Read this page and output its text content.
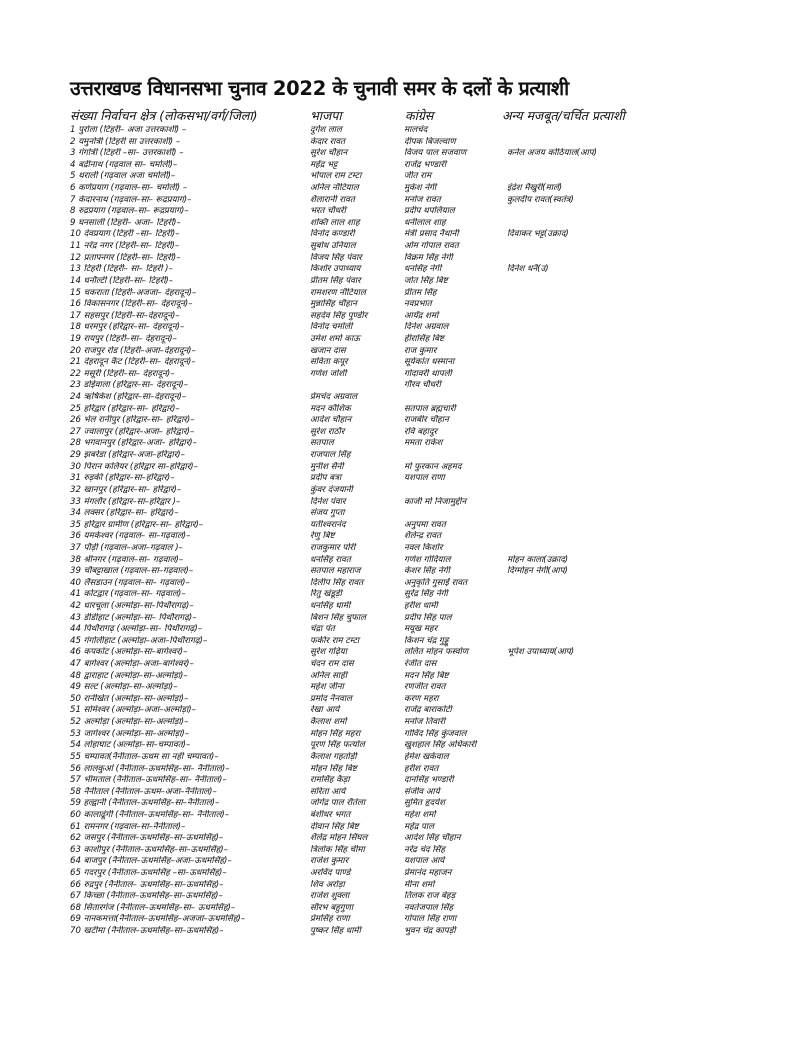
उत्तराखण्ड विधानसभा चुनाव 2022 के चुनावी समर के दलों के प्रत्याशी
संख्या निर्वाचन क्षेत्र (लोकसभा/वर्ग/जिला)	भाजपा	कांग्रेस	अन्य मजबूत/चर्चित प्रत्याशी
1 पुरोला (टिहरी– अजा उत्तरकाशी) –	दुर्गेश लाल	मालचंद
2 यमुनोत्री (टिहरी सा उत्तरकाशी) –	केदार रावत	दीपक बिजल्वाण
3 गंगोत्री (टिहरी –सा– उत्तरकाशी) –	सुरेश चौहान	विजय पाल सजवाण	कर्नल अजय कोठियाल(आप)
4 बद्रीनाथ (गढ़वाल सा– चमोली)–	महेंद्र भट्ट	राजेंद्र भण्डारी
5 थराली (गढ़वाल अजा चमोली)–	भोपाल राम टम्टा	जीत राम
6 कर्णप्रयाग (गढ़वाल–सा– चमोली) –	अनिल नौटियाल	मुकेश नेगी	इंद्रेश मैखुरी(माले)
7 केदारनाथ (गढ़वाल–सा– रूद्रप्रयाग)–	शैलारानी रावत	मनोज रावत	कुलदीप रावत(स्वतंत्र)
8 रुद्रप्रयाग (गढ़वाल–सा– रूद्रप्रयाग)–	भरत चौधरी	प्रदीप थपलियाल
9 घनसाली (टिहरी– अजा– टिहरी)–	शक्ति लाल शाह	धनीलाल शाह
10 देवप्रयाग (टिहरी –सा– टिहरी)–	विनोद कण्डारी	मंत्री प्रसाद नैथानी	दिवाकर भट्ट(उक्राद)
11 नरेंद्र नगर (टिहरी–सा– टिहरी)–	सुबोध उनियाल	ओम गोपाल रावत
12 प्रतापनगर (टिहरी–सा– टिहरी)–	विजय सिंह पंवार	विक्रम सिंह नेगी
13 टिहरी (टिहरी– सा– टिहरी )–	किशोर उपाध्याय	धनसिंह नेगी	दिनेश धनै(उ)
14 धनौल्टी (टिहरी–सा– टिहरी)–	प्रीतम सिंह पंवार	जोत सिंह बिष्ट
15 चकराता (टिहरी–अजजा– देहरादून)–	रामशरण नौटियाल	प्रीतम सिंह
16 विकासनगर (टिहरी–सा– देहरादून)–	मुन्नासिंह चौहान	नवप्रभात
17 सहसपुर (टिहरी–सा–देहरादून)–	सहदेव सिंह पुण्डीर	आर्येंद्र शर्मा
18 धरमपुर (हरिद्वार–सा– देहरादून)–	विनोद चमोली	दिनेश अग्रवाल
19 रायपुर (टिहरी–सा– देहरादून)–	उमेश शर्मा काऊ	हीरासिंह बिष्ट
20 राजपुर रोड (टिहरी–अजा–देहरादून)–	खजान दास	राज कुमार
21 देहरादून कैंट (टिहरी–सा– देहरादून)–	सविता कपूर	सूर्यकांत धस्माना
22 मसूरी (टिहरी–सा– देहरादून)–	गणेश जोशी	गोदावरी थापली
23 डोईवाला (हरिद्वार–सा– देहरादून)–	गौरव चौधरी
24 ऋषिकेश (हरिद्वार–सा–देहरादून)–	प्रेमचंद अग्रवाल
25 हरिद्वार (हरिद्वार–सा– हरिद्वार)–	मदन कौशिक	सतपाल ब्रह्मचारी
26 भेल रानीपुर (हरिद्वार–सा– हरिद्वार)–	आदेश चौहान	राजबीर चौहान
27 ज्वालापुर (हरिद्वार–अजा– हरिद्वार)–	सुरेश राठौर	रवि बहादुर
28 भगवानपुर (हरिद्वार–अजा– हरिद्वार)–	सतपाल	ममता राकेश
29 झबरेडा (हरिद्वार–अजा–हरिद्वार)–	राजपाल सिंह
30 पिरान कलियर (हरिद्वार सा–हरिद्वार)–	मुनीश सैनी	मो फुरकान अहमद
31 रुड़की (हरिद्वार–सा–हरिद्वार)–	प्रदीप बत्रा	यशपाल राणा
32 खानपुर (हरिद्वार–सा– हरिद्वार)–	कुंवर दंजयानी
33 मंगलौर (हरिद्वार–सा–हरिद्वार )–	दिनेश पंवार	काजी मो निजामुद्दीन
34 लक्सर (हरिद्वार–सा– हरिद्वार)–	संजय गुप्ता
35 हरिद्वार ग्रामीण (हरिद्वार–सा– हरिद्वार)–	यतीश्वरानंद	अनुपमा रावत
36 यमकेश्वर (गढ़वाल– सा–गढ़वाल)–	रेणु बिष्ट	शैलेन्द्र रावत
37 पौड़ी (गढ़वाल–अजा–गढ़वाल )–	राजकुमार पोरी	नवल किशोर
38 श्रीनगर (गढ़वाल–सा– गढ़वाल)–	धनसिंह रावत	गणेश गोदियाल	मोहन काला(उक्राद)
39 चौबट्टाखाल (गढ़वाल–सा–गढ़वाल)–	सतपाल महाराज	केशर सिंह नेगी	दिग्मोहन नेगी(आप)
40 लैंसडाउन (गढ़वाल–सा– गढ़वाल)–	दिलीप सिंह रावत	अनुकृति गुसाईं रावत
41 कोटद्वार (गढ़वाल–सा– गढ़वाल)–	रितु खंडूड़ी	सुरेंद्र सिंह नेगी
42 धारचूला (अल्मोड़ा–सा–पिथौरागढ़)–	धनसिंह धामी	हरीश धामी
43 डीडीहाट (अल्मोड़ा–सा– पिथौरागढ़)–	बिशन सिंह चुफाल	प्रदीप सिंह पाल
44 पिथौरागढ़ (अल्मोड़ा–सा– पिथौरागढ़)–	चंद्रा पंत	मयूख महर
45 गंगोलीहाट (अल्मोड़ा–अजा–पिथौरागढ़)–	फकीर राम टम्टा	किशन चंद्र गुड्डू
46 कपकोट (अल्मोड़ा–सा–बागेश्वर)–	सुरेश गढ़िया	ललित मोहन फर्स्वाण	भूपेश उपाध्याय(आप)
47 बागेश्वर (अल्मोड़ा–अजा–बागेश्वर)–	चंदन राम दास	रंजीत दास
48 द्वाराहाट (अल्मोड़ा–सा–अल्मोड़ा)–	अनिल साही	मदन सिंह बिष्ट
49 सल्ट (अल्मोड़ा–सा–अल्मोड़ा)–	महेश जीना	रणजीत रावत
50 रानीखेत (अल्मोड़ा–सा–अल्मोड़ा)–	प्रमोद नैनवाल	करण महरा
51 सोमेश्वर (अल्मोड़ा–अजा–अल्मोड़ा)–	रेखा आर्य	राजेंद्र बाराकोटी
52 अल्मोड़ा (अल्मोड़ा–सा–अल्मोड़ा)–	कैलाश शर्मा	मनोज तिवारी
53 जागेश्वर (अल्मोड़ा–सा–अल्मोड़ा)–	मोहन सिंह महरा	गोविंद सिंह कुंजवाल
54 लोहाघाट (अल्मोड़ा–सा–चम्पावत)–	पूरण सिंह फर्त्याल	खुशहाल सिंह अधिकारी
55 चम्पावत(नैनीताल–ऊधम सा नही चम्पावत)–	कैलाश गहतोड़ी	हेमेश खर्कवाल
56 लालकुआं (नैनीताल–ऊधमसिंह–सा– नैनीताल)–	मोहन सिंह बिष्ट	हरीश रावत
57 भीमताल (नैनीताल–ऊधमसिंह–सा– नैनीताल)–	रामसिंह कैड़ा	दानसिंह भण्डारी
58 नैनीताल (नैनीताल–ऊधम–अजा–नैनीताल)–	सरिता आर्य	संजीव आर्य
59 हल्द्वानी (नैनीताल–ऊधमसिंह–सा–नैनीताल)–	जोगेंद्र पाल रौतेला	सुमित हृदयेश
60 कालाढूंगी (नैनीताल–ऊधमसिंह–सा– नैनीताल)–	बंशीधर भगत	महेश शर्मा
61 रामनगर (गढ़वाल–सा–नैनीताल)–	दीवान सिंह बिष्ट	महेंद्र पाल
62 जसपुर (नैनीताल–ऊधमसिंह–सा–ऊधमसिंह)–	शैलेंद्र मोहन सिंघल	आदेश सिंह चौहान
63 काशीपुर (नैनीताल–ऊधमसिंह–सा–ऊधमसिंह)–	त्रिलोक सिंह चीमा	नरेंद्र चंद सिंह
64 बाजपुर (नैनीताल–ऊधमसिंह–अजा–ऊधमसिंह)–	राजेश कुमार	यशपाल आर्य
65 गदरपुर (नैनीताल–ऊधमसिंह –सा–ऊधमसिंह)–	अरविंद पाण्डे	प्रेमानंद महाजन
66 रुद्रपुर (नैनीताल– ऊधमसिंह–सा–ऊधमसिंह)–	शिव अरोड़ा	मीना शर्मा
67 किच्छा (नैनीताल–ऊधमसिंह–सा–ऊधमसिंह)–	राजेश शुक्ला	तिलक राज बेहड़
68 सितारगंज (नैनीताल–ऊधमसिंह–सा– ऊधमसिंह)–	सौरभ बहुगुणा	नवतेजपाल सिंह
69 नानकमत्ता(नैनीताल–ऊधमसिंह–अजजा–ऊधमसिंह)–	प्रेमसिंह राणा	गोपाल सिंह राणा
70 खटीमा (नैनीताल–ऊधमसिंह–सा–ऊधमसिंह)–	पुष्कर सिंह धामी	भुवन चंद्र कापड़ी
